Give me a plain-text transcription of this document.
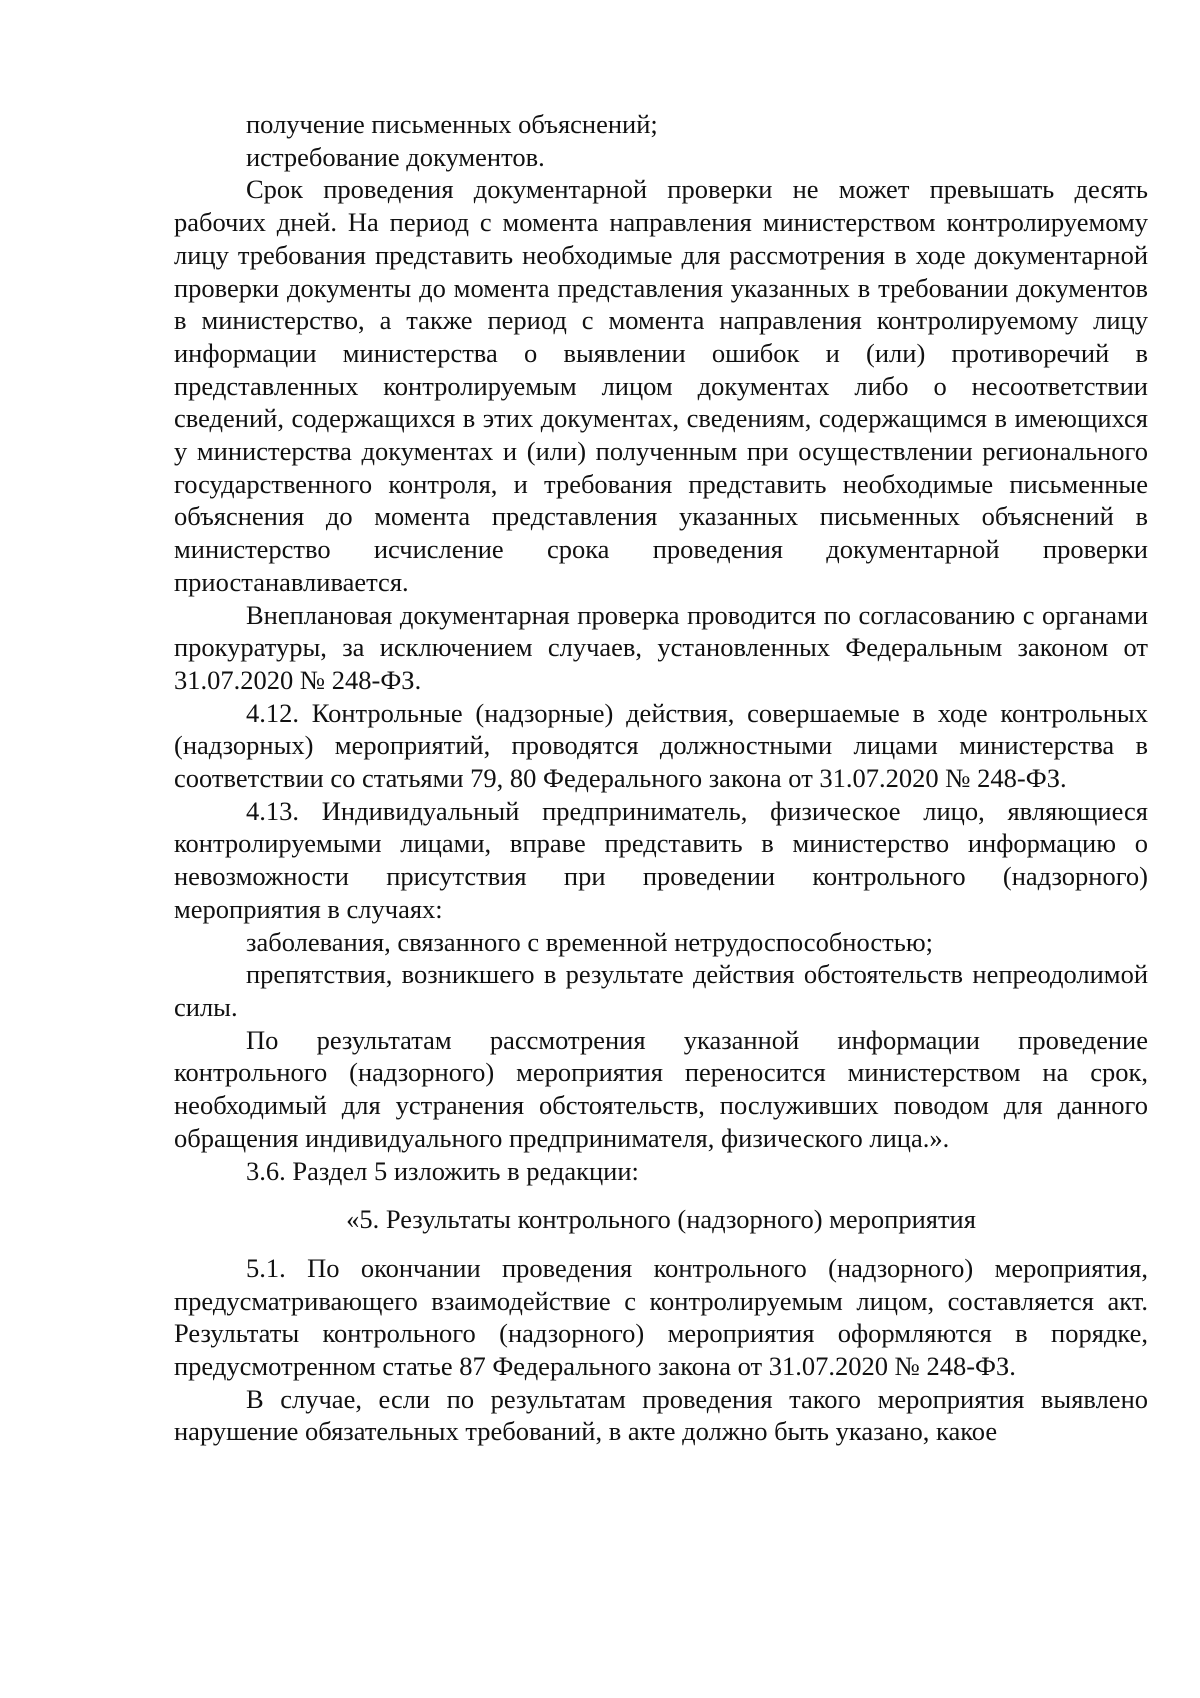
получение письменных объяснений;

истребование документов.

Срок проведения документарной проверки не может превышать десять рабочих дней. На период с момента направления министерством контролируемому лицу требования представить необходимые для рассмотрения в ходе документарной проверки документы до момента представления указанных в требовании документов в министерство, а также период с момента направления контролируемому лицу информации министерства о выявлении ошибок и (или) противоречий в представленных контролируемым лицом документах либо о несоответствии сведений, содержащихся в этих документах, сведениям, содержащимся в имеющихся у министерства документах и (или) полученным при осуществлении регионального государственного контроля, и требования представить необходимые письменные объяснения до момента представления указанных письменных объяснений в министерство исчисление срока проведения документарной проверки приостанавливается.

Внеплановая документарная проверка проводится по согласованию с органами прокуратуры, за исключением случаев, установленных Федеральным законом от 31.07.2020 № 248-ФЗ.

4.12. Контрольные (надзорные) действия, совершаемые в ходе контрольных (надзорных) мероприятий, проводятся должностными лицами министерства в соответствии со статьями 79, 80 Федерального закона от 31.07.2020 № 248-ФЗ.

4.13. Индивидуальный предприниматель, физическое лицо, являющиеся контролируемыми лицами, вправе представить в министерство информацию о невозможности присутствия при проведении контрольного (надзорного) мероприятия в случаях:

заболевания, связанного с временной нетрудоспособностью;

препятствия, возникшего в результате действия обстоятельств непреодолимой силы.

По результатам рассмотрения указанной информации проведение контрольного (надзорного) мероприятия переносится министерством на срок, необходимый для устранения обстоятельств, послуживших поводом для данного обращения индивидуального предпринимателя, физического лица.».

3.6. Раздел 5 изложить в редакции:

«5. Результаты контрольного (надзорного) мероприятия

5.1. По окончании проведения контрольного (надзорного) мероприятия, предусматривающего взаимодействие с контролируемым лицом, составляется акт. Результаты контрольного (надзорного) мероприятия оформляются в порядке, предусмотренном статье 87 Федерального закона от 31.07.2020 № 248-ФЗ.

В случае, если по результатам проведения такого мероприятия выявлено нарушение обязательных требований, в акте должно быть указано, какое
